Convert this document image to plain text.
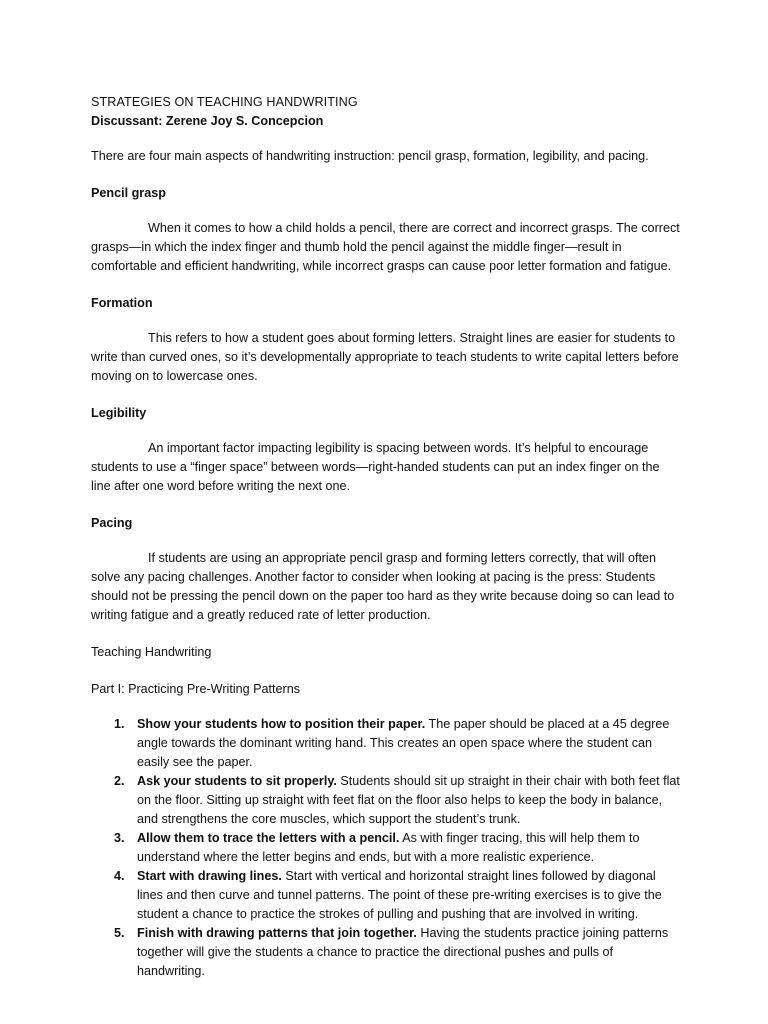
STRATEGIES ON TEACHING HANDWRITING

Discussant: Zerene Joy S. Concepcion

There are four main aspects of handwriting instruction: pencil grasp, formation, legibility, and pacing.

Pencil grasp

When it comes to how a child holds a pencil, there are correct and incorrect grasps. The correct grasps—in which the index finger and thumb hold the pencil against the middle finger—result in comfortable and efficient handwriting, while incorrect grasps can cause poor letter formation and fatigue.

Formation

This refers to how a student goes about forming letters. Straight lines are easier for students to write than curved ones, so it’s developmentally appropriate to teach students to write capital letters before moving on to lowercase ones.

Legibility

An important factor impacting legibility is spacing between words. It’s helpful to encourage students to use a “finger space” between words—right-handed students can put an index finger on the line after one word before writing the next one.

Pacing

If students are using an appropriate pencil grasp and forming letters correctly, that will often solve any pacing challenges. Another factor to consider when looking at pacing is the press: Students should not be pressing the pencil down on the paper too hard as they write because doing so can lead to writing fatigue and a greatly reduced rate of letter production.

Teaching Handwriting

Part I: Practicing Pre-Writing Patterns

1. Show your students how to position their paper. The paper should be placed at a 45 degree angle towards the dominant writing hand. This creates an open space where the student can easily see the paper.
2. Ask your students to sit properly. Students should sit up straight in their chair with both feet flat on the floor. Sitting up straight with feet flat on the floor also helps to keep the body in balance, and strengthens the core muscles, which support the student’s trunk.
3. Allow them to trace the letters with a pencil. As with finger tracing, this will help them to understand where the letter begins and ends, but with a more realistic experience.
4. Start with drawing lines. Start with vertical and horizontal straight lines followed by diagonal lines and then curve and tunnel patterns. The point of these pre-writing exercises is to give the student a chance to practice the strokes of pulling and pushing that are involved in writing.
5. Finish with drawing patterns that join together. Having the students practice joining patterns together will give the students a chance to practice the directional pushes and pulls of handwriting.
